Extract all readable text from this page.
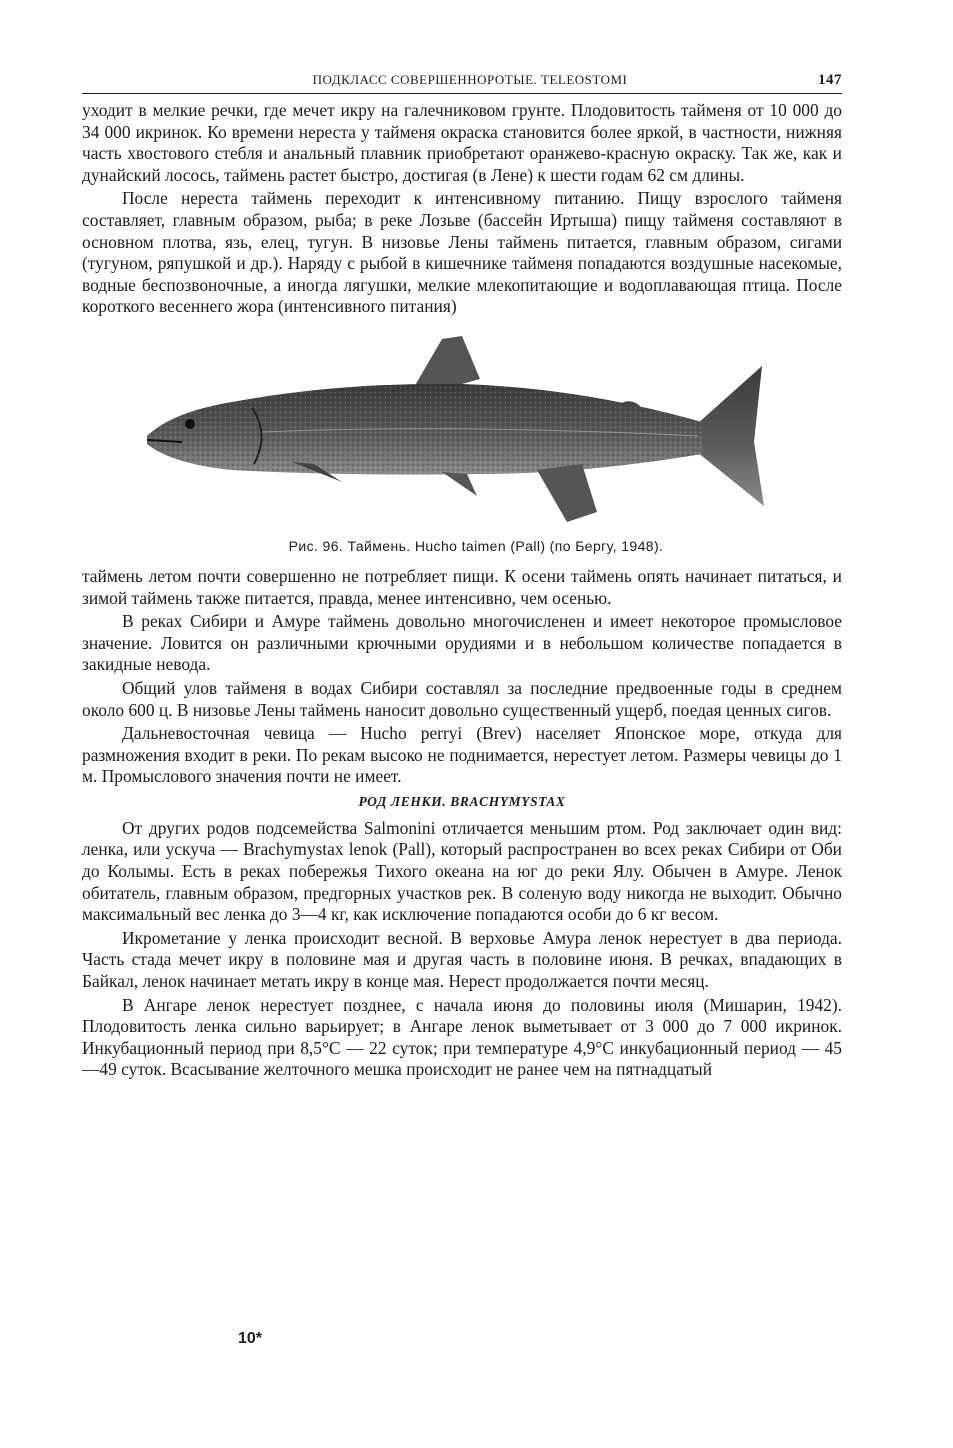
ПОДКЛАСС СОВЕРШЕННОРОТЫЕ. TELEOSTOMI	147

уходит в мелкие речки, где мечет икру на галечниковом грунте. Плодовитость тайменя от 10 000 до 34 000 икринок. Ко времени нереста у тайменя окраска становится более яркой, в частности, нижняя часть хвостового стебля и анальный плавник приобретают оранжево-красную окраску. Так же, как и дунайский лосось, таймень растет быстро, достигая (в Лене) к шести годам 62 см длины.

После нереста таймень переходит к интенсивному питанию. Пищу взрослого тайменя составляет, главным образом, рыба; в реке Лозьве (бассейн Иртыша) пищу тайменя составляют в основном плотва, язь, елец, тугун. В низовье Лены таймень питается, главным образом, сигами (тугуном, ряпушкой и др.). Наряду с рыбой в кишечнике тайменя попадаются воздушные насекомые, водные беспозвоночные, а иногда лягушки, мелкие млекопитающие и водоплавающая птица. После короткого весеннего жора (интенсивного питания)

Рис. 96. Таймень. Hucho taimen (Pall) (по Бергу, 1948).

таймень летом почти совершенно не потребляет пищи. К осени таймень опять начинает питаться, и зимой таймень также питается, правда, менее интенсивно, чем осенью.

В реках Сибири и Амуре таймень довольно многочисленен и имеет некоторое промысловое значение. Ловится он различными крючными орудиями и в небольшом количестве попадается в закидные невода.

Общий улов тайменя в водах Сибири составлял за последние предвоенные годы в среднем около 600 ц. В низовье Лены таймень наносит довольно существенный ущерб, поедая ценных сигов.

Дальневосточная чевица — Hucho perryi (Brev) населяет Японское море, откуда для размножения входит в реки. По рекам высоко не поднимается, нерестует летом. Размеры чевицы до 1 м. Промыслового значения почти не имеет.

РОД ЛЕНКИ. BRACHYMYSTAX

От других родов подсемейства Salmonini отличается меньшим ртом. Род заключает один вид: ленка, или ускуча — Brachymystax lenok (Pall), который распространен во всех реках Сибири от Оби до Колымы. Есть в реках побережья Тихого океана на юг до реки Ялу. Обычен в Амуре. Ленок обитатель, главным образом, предгорных участков рек. В соленую воду никогда не выходит. Обычно максимальный вес ленка до 3—4 кг, как исключение попадаются особи до 6 кг весом.

Икрометание у ленка происходит весной. В верховье Амура ленок нерестует в два периода. Часть стада мечет икру в половине мая и другая часть в половине июня. В речках, впадающих в Байкал, ленок начинает метать икру в конце мая. Нерест продолжается почти месяц.

В Ангаре ленок нерестует позднее, с начала июня до половины июля (Мишарин, 1942). Плодовитость ленка сильно варьирует; в Ангаре ленок выметывает от 3 000 до 7 000 икринок. Инкубационный период при 8,5°С — 22 суток; при температуре 4,9°С инкубационный период — 45—49 суток. Всасывание желточного мешка происходит не ранее чем на пятнадцатый

10*
